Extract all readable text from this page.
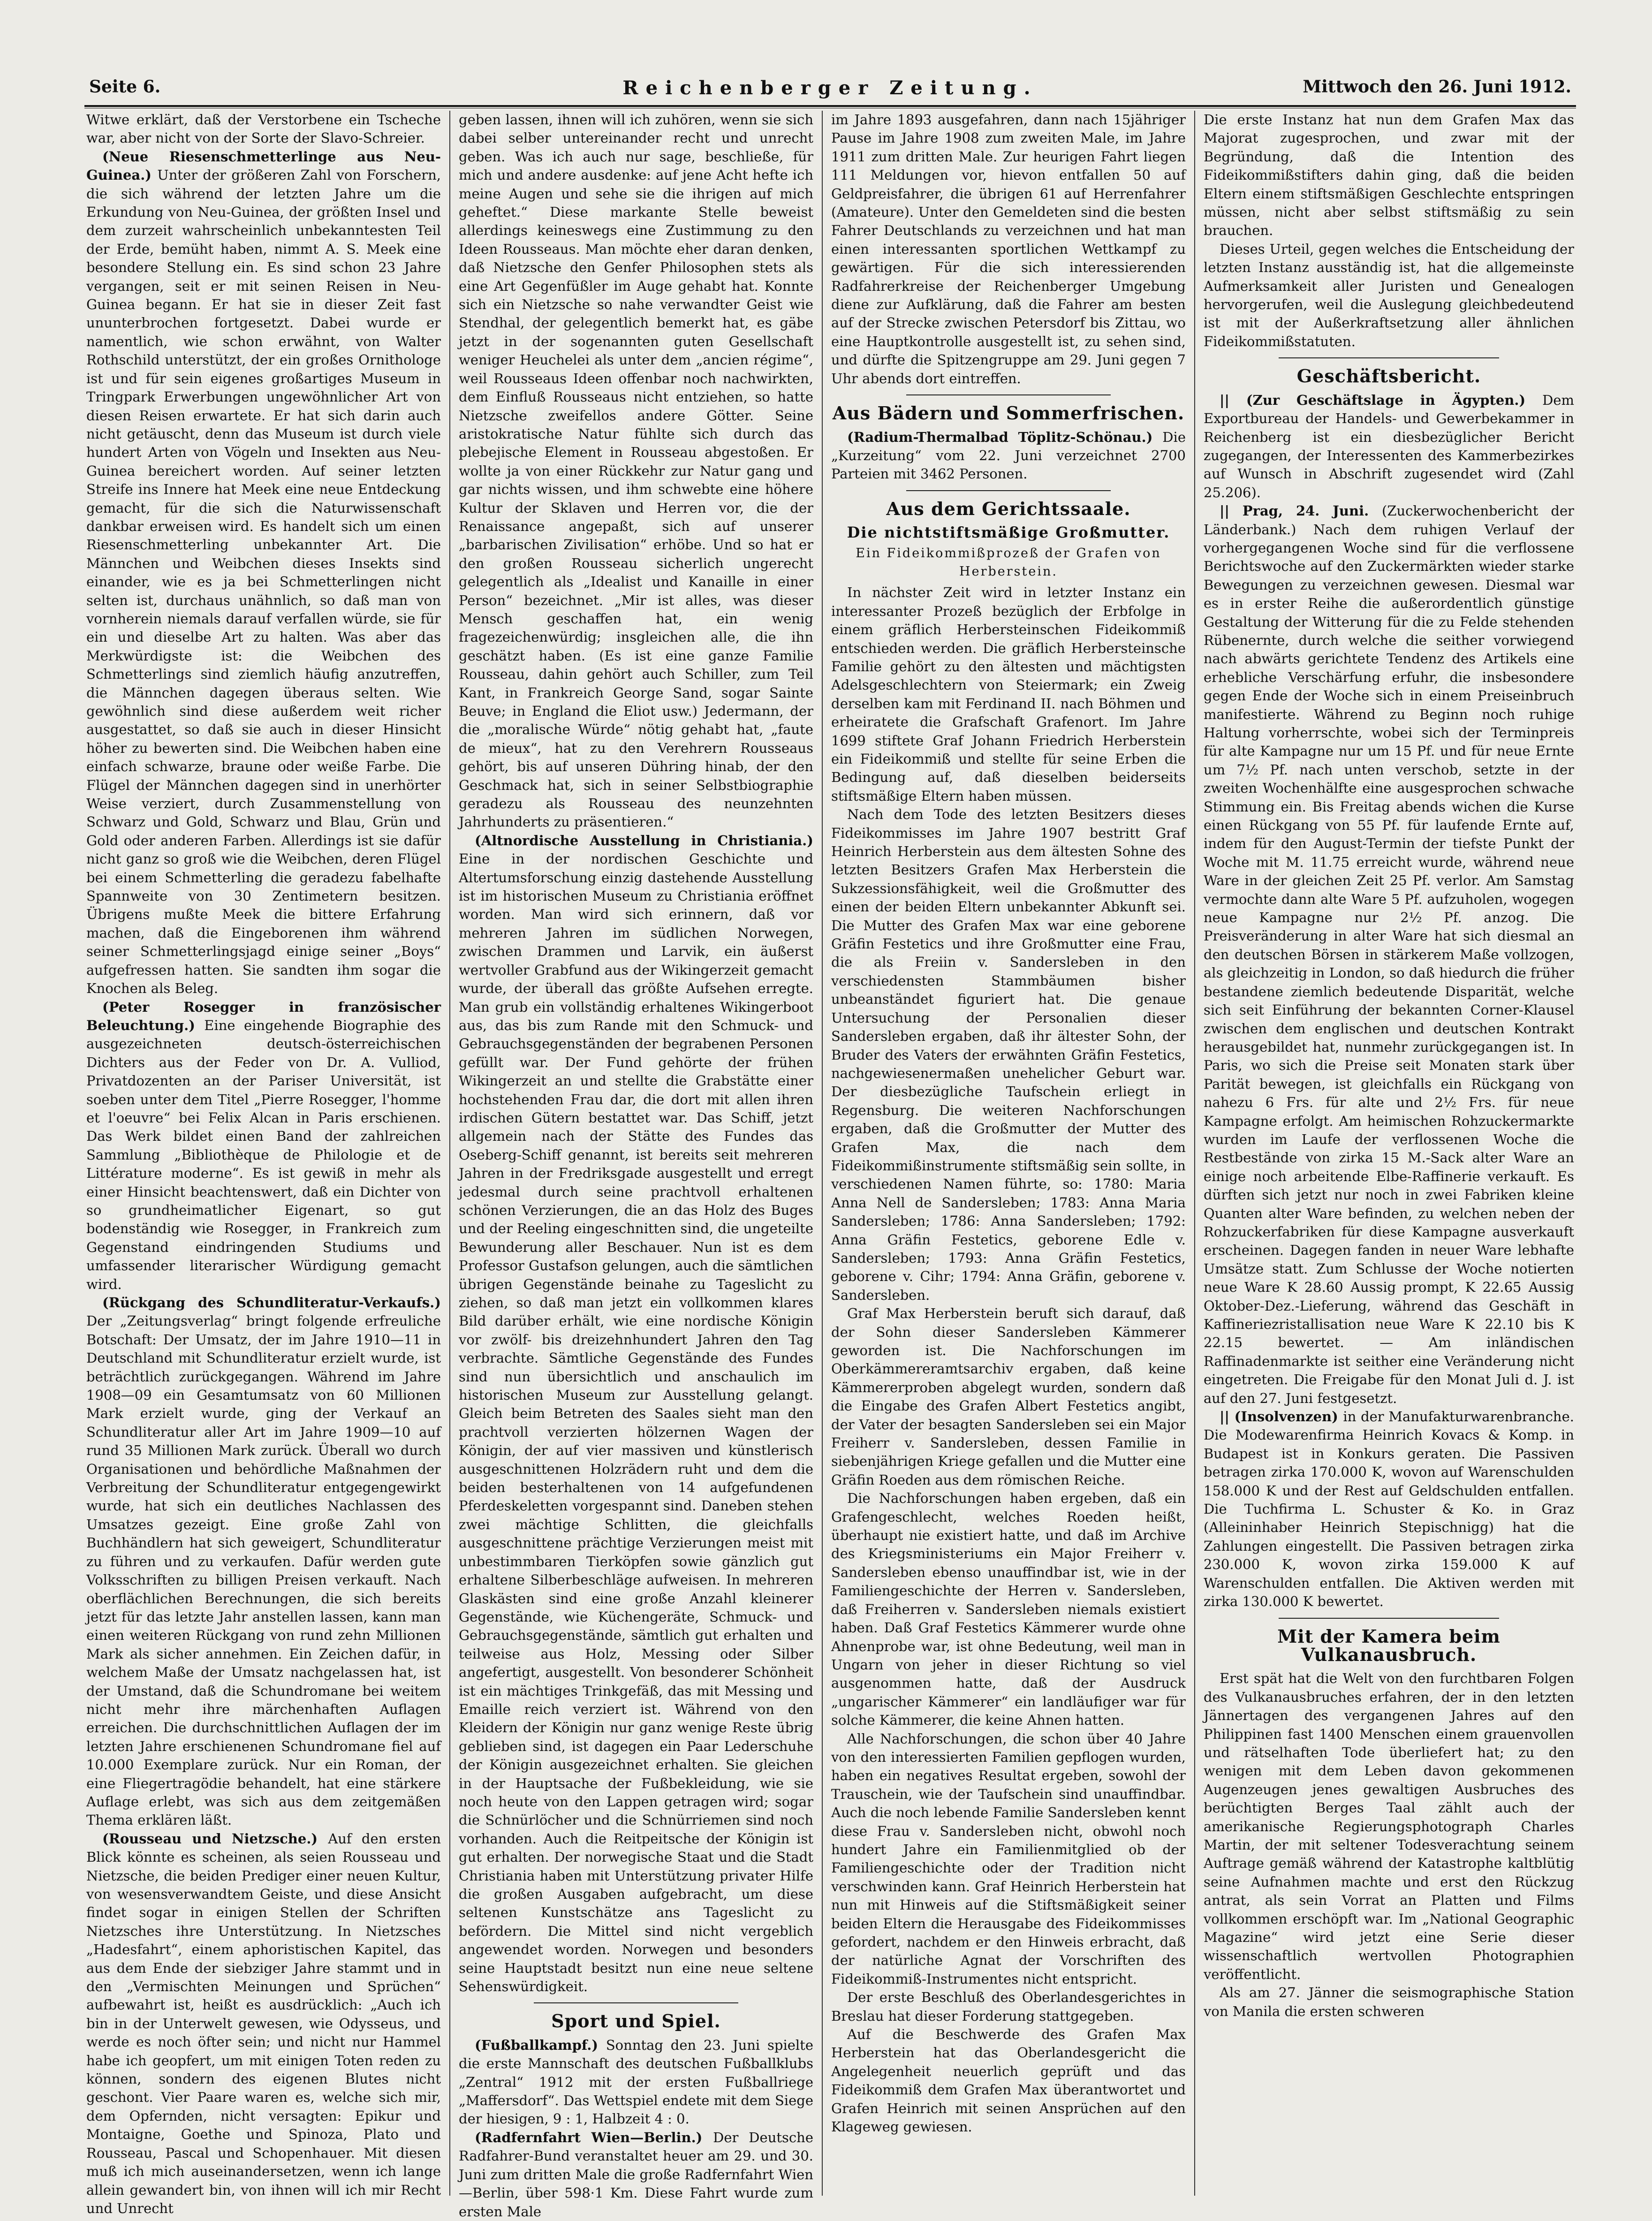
Seite 6.	Reichenberger Zeitung.	Mittwoch den 26. Juni 1912.

Witwe erklärt, daß der Verstorbene ein Tscheche war, aber nicht von der Sorte der Slavo-Schreier.

(Neue Riesenschmetterlinge aus Neu-Guinea.) Unter der größeren Zahl von Forschern, die sich während der letzten Jahre um die Erkundung von Neu-Guinea, der größten Insel und dem zurzeit wahrscheinlich unbekanntesten Teil der Erde, bemüht haben, nimmt A. S. Meek eine besondere Stellung ein. Es sind schon 23 Jahre vergangen, seit er mit seinen Reisen in Neu-Guinea begann. Er hat sie in dieser Zeit fast ununterbrochen fortgesetzt. Dabei wurde er namentlich, wie schon erwähnt, von Walter Rothschild unterstützt, der ein großes Ornithologe ist und für sein eigenes großartiges Museum in Tringpark Erwerbungen ungewöhnlicher Art von diesen Reisen erwartete. Er hat sich darin auch nicht getäuscht, denn das Museum ist durch viele hundert Arten von Vögeln und Insekten aus Neu-Guinea bereichert worden. Auf seiner letzten Streife ins Innere hat Meek eine neue Entdeckung gemacht, für die sich die Naturwissenschaft dankbar erweisen wird. Es handelt sich um einen Riesenschmetterling unbekannter Art. Die Männchen und Weibchen dieses Insekts sind einander, wie es ja bei Schmetterlingen nicht selten ist, durchaus unähnlich, so daß man von vornherein niemals darauf verfallen würde, sie für ein und dieselbe Art zu halten. Was aber das Merkwürdigste ist: die Weibchen des Schmetterlings sind ziemlich häufig anzutreffen, die Männchen dagegen überaus selten. Wie gewöhnlich sind diese außerdem weit richer ausgestattet, so daß sie auch in dieser Hinsicht höher zu bewerten sind. Die Weibchen haben eine einfach schwarze, braune oder weiße Farbe. Die Flügel der Männchen dagegen sind in unerhörter Weise verziert, durch Zusammenstellung von Schwarz und Gold, Schwarz und Blau, Grün und Gold oder anderen Farben. Allerdings ist sie dafür nicht ganz so groß wie die Weibchen, deren Flügel bei einem Schmetterling die geradezu fabelhafte Spannweite von 30 Zentimetern besitzen. Übrigens mußte Meek die bittere Erfahrung machen, daß die Eingeborenen ihm während seiner Schmetterlingsjagd einige seiner „Boys“ aufgefressen hatten. Sie sandten ihm sogar die Knochen als Beleg.

(Peter Rosegger in französischer Beleuchtung.) Eine eingehende Biographie des ausgezeichneten deutsch-österreichischen Dichters aus der Feder von Dr. A. Vulliod, Privatdozenten an der Pariser Universität, ist soeben unter dem Titel „Pierre Rosegger, l'homme et l'oeuvre“ bei Felix Alcan in Paris erschienen. Das Werk bildet einen Band der zahlreichen Sammlung „Bibliothèque de Philologie et de Littérature moderne“. Es ist gewiß in mehr als einer Hinsicht beachtenswert, daß ein Dichter von so grundheimatlicher Eigenart, so gut bodenständig wie Rosegger, in Frankreich zum Gegenstand eindringenden Studiums und umfassender literarischer Würdigung gemacht wird.

(Rückgang des Schundliteratur-Verkaufs.) Der „Zeitungsverlag“ bringt folgende erfreuliche Botschaft: Der Umsatz, der im Jahre 1910—11 in Deutschland mit Schundliteratur erzielt wurde, ist beträchtlich zurückgegangen. Während im Jahre 1908—09 ein Gesamtumsatz von 60 Millionen Mark erzielt wurde, ging der Verkauf an Schundliteratur aller Art im Jahre 1909—10 auf rund 35 Millionen Mark zurück. Überall wo durch Organisationen und behördliche Maßnahmen der Verbreitung der Schundliteratur entgegengewirkt wurde, hat sich ein deutliches Nachlassen des Umsatzes gezeigt. Eine große Zahl von Buchhändlern hat sich geweigert, Schundliteratur zu führen und zu verkaufen. Dafür werden gute Volksschriften zu billigen Preisen verkauft. Nach oberflächlichen Berechnungen, die sich bereits jetzt für das letzte Jahr anstellen lassen, kann man einen weiteren Rückgang von rund zehn Millionen Mark als sicher annehmen. Ein Zeichen dafür, in welchem Maße der Umsatz nachgelassen hat, ist der Umstand, daß die Schundromane bei weitem nicht mehr ihre märchenhaften Auflagen erreichen. Die durchschnittlichen Auflagen der im letzten Jahre erschienenen Schundromane fiel auf 10.000 Exemplare zurück. Nur ein Roman, der eine Fliegertragödie behandelt, hat eine stärkere Auflage erlebt, was sich aus dem zeitgemäßen Thema erklären läßt.

(Rousseau und Nietzsche.) Auf den ersten Blick könnte es scheinen, als seien Rousseau und Nietzsche, die beiden Prediger einer neuen Kultur, von wesensverwandtem Geiste, und diese Ansicht findet sogar in einigen Stellen der Schriften Nietzsches ihre Unterstützung. In Nietzsches „Hadesfahrt“, einem aphoristischen Kapitel, das aus dem Ende der siebziger Jahre stammt und in den „Vermischten Meinungen und Sprüchen“ aufbewahrt ist, heißt es ausdrücklich: „Auch ich bin in der Unterwelt gewesen, wie Odysseus, und werde es noch öfter sein; und nicht nur Hammel habe ich geopfert, um mit einigen Toten reden zu können, sondern des eigenen Blutes nicht geschont. Vier Paare waren es, welche sich mir, dem Opfernden, nicht versagten: Epikur und Montaigne, Goethe und Spinoza, Plato und Rousseau, Pascal und Schopenhauer. Mit diesen muß ich mich auseinandersetzen, wenn ich lange allein gewandert bin, von ihnen will ich mir Recht und Unrecht

geben lassen, ihnen will ich zuhören, wenn sie sich dabei selber untereinander recht und unrecht geben. Was ich auch nur sage, beschließe, für mich und andere ausdenke: auf jene Acht hefte ich meine Augen und sehe sie die ihrigen auf mich geheftet.“ Diese markante Stelle beweist allerdings keineswegs eine Zustimmung zu den Ideen Rousseaus. Man möchte eher daran denken, daß Nietzsche den Genfer Philosophen stets als eine Art Gegenfüßler im Auge gehabt hat. Konnte sich ein Nietzsche so nahe verwandter Geist wie Stendhal, der gelegentlich bemerkt hat, es gäbe jetzt in der sogenannten guten Gesellschaft weniger Heuchelei als unter dem „ancien régime“, weil Rousseaus Ideen offenbar noch nachwirkten, dem Einfluß Rousseaus nicht entziehen, so hatte Nietzsche zweifellos andere Götter. Seine aristokratische Natur fühlte sich durch das plebejische Element in Rousseau abgestoßen. Er wollte ja von einer Rückkehr zur Natur gang und gar nichts wissen, und ihm schwebte eine höhere Kultur der Sklaven und Herren vor, die der Renaissance angepaßt, sich auf unserer „barbarischen Zivilisation“ erhöbe. Und so hat er den großen Rousseau sicherlich ungerecht gelegentlich als „Idealist und Kanaille in einer Person“ bezeichnet. „Mir ist alles, was dieser Mensch geschaffen hat, ein wenig fragezeichenwürdig; insgleichen alle, die ihn geschätzt haben. (Es ist eine ganze Familie Rousseau, dahin gehört auch Schiller, zum Teil Kant, in Frankreich George Sand, sogar Sainte Beuve; in England die Eliot usw.) Jedermann, der die „moralische Würde“ nötig gehabt hat, „faute de mieux“, hat zu den Verehrern Rousseaus gehört, bis auf unseren Dühring hinab, der den Geschmack hat, sich in seiner Selbstbiographie geradezu als Rousseau des neunzehnten Jahrhunderts zu präsentieren.“

(Altnordische Ausstellung in Christiania.) Eine in der nordischen Geschichte und Altertumsforschung einzig dastehende Ausstellung ist im historischen Museum zu Christiania eröffnet worden. Man wird sich erinnern, daß vor mehreren Jahren im südlichen Norwegen, zwischen Drammen und Larvik, ein äußerst wertvoller Grabfund aus der Wikingerzeit gemacht wurde, der überall das größte Aufsehen erregte. Man grub ein vollständig erhaltenes Wikingerboot aus, das bis zum Rande mit den Schmuck- und Gebrauchsgegenständen der begrabenen Personen gefüllt war. Der Fund gehörte der frühen Wikingerzeit an und stellte die Grabstätte einer hochstehenden Frau dar, die dort mit allen ihren irdischen Gütern bestattet war. Das Schiff, jetzt allgemein nach der Stätte des Fundes das Oseberg-Schiff genannt, ist bereits seit mehreren Jahren in der Fredriksgade ausgestellt und erregt jedesmal durch seine prachtvoll erhaltenen schönen Verzierungen, die an das Holz des Buges und der Reeling eingeschnitten sind, die ungeteilte Bewunderung aller Beschauer. Nun ist es dem Professor Gustafson gelungen, auch die sämtlichen übrigen Gegenstände beinahe zu Tageslicht zu ziehen, so daß man jetzt ein vollkommen klares Bild darüber erhält, wie eine nordische Königin vor zwölf- bis dreizehnhundert Jahren den Tag verbrachte. Sämtliche Gegenstände des Fundes sind nun übersichtlich und anschaulich im historischen Museum zur Ausstellung gelangt. Gleich beim Betreten des Saales sieht man den prachtvoll verzierten hölzernen Wagen der Königin, der auf vier massiven und künstlerisch ausgeschnittenen Holzrädern ruht und dem die beiden besterhaltenen von 14 aufgefundenen Pferdeskeletten vorgespannt sind. Daneben stehen zwei mächtige Schlitten, die gleichfalls ausgeschnittene prächtige Verzierungen meist mit unbestimmbaren Tierköpfen sowie gänzlich gut erhaltene Silberbeschläge aufweisen. In mehreren Glaskästen sind eine große Anzahl kleinerer Gegenstände, wie Küchengeräte, Schmuck- und Gebrauchsgegenstände, sämtlich gut erhalten und teilweise aus Holz, Messing oder Silber angefertigt, ausgestellt. Von besonderer Schönheit ist ein mächtiges Trinkgefäß, das mit Messing und Emaille reich verziert ist. Während von den Kleidern der Königin nur ganz wenige Reste übrig geblieben sind, ist dagegen ein Paar Lederschuhe der Königin ausgezeichnet erhalten. Sie gleichen in der Hauptsache der Fußbekleidung, wie sie noch heute von den Lappen getragen wird; sogar die Schnürlöcher und die Schnürriemen sind noch vorhanden. Auch die Reitpeitsche der Königin ist gut erhalten. Der norwegische Staat und die Stadt Christiania haben mit Unterstützung privater Hilfe die großen Ausgaben aufgebracht, um diese seltenen Kunstschätze ans Tageslicht zu befördern. Die Mittel sind nicht vergeblich angewendet worden. Norwegen und besonders seine Hauptstadt besitzt nun eine neue seltene Sehenswürdigkeit.

Sport und Spiel.

(Fußballkampf.) Sonntag den 23. Juni spielte die erste Mannschaft des deutschen Fußballklubs „Zentral“ 1912 mit der ersten Fußballriege „Maffersdorf“. Das Wettspiel endete mit dem Siege der hiesigen, 9 : 1, Halbzeit 4 : 0.

(Radfernfahrt Wien—Berlin.) Der Deutsche Radfahrer-Bund veranstaltet heuer am 29. und 30. Juni zum dritten Male die große Radfernfahrt Wien—Berlin, über 598·1 Km. Diese Fahrt wurde zum ersten Male

im Jahre 1893 ausgefahren, dann nach 15jähriger Pause im Jahre 1908 zum zweiten Male, im Jahre 1911 zum dritten Male. Zur heurigen Fahrt liegen 111 Meldungen vor, hievon entfallen 50 auf Geldpreisfahrer, die übrigen 61 auf Herrenfahrer (Amateure). Unter den Gemeldeten sind die besten Fahrer Deutschlands zu verzeichnen und hat man einen interessanten sportlichen Wettkampf zu gewärtigen. Für die sich interessierenden Radfahrerkreise der Reichenberger Umgebung diene zur Aufklärung, daß die Fahrer am besten auf der Strecke zwischen Petersdorf bis Zittau, wo eine Hauptkontrolle ausgestellt ist, zu sehen sind, und dürfte die Spitzengruppe am 29. Juni gegen 7 Uhr abends dort eintreffen.

Aus Bädern und Sommerfrischen.

(Radium-Thermalbad Töplitz-Schönau.) Die „Kurzeitung“ vom 22. Juni verzeichnet 2700 Parteien mit 3462 Personen.

Aus dem Gerichtssaale.
Die nichtstiftsmäßige Großmutter.
Ein Fideikommißprozeß der Grafen von Herberstein.

In nächster Zeit wird in letzter Instanz ein interessanter Prozeß bezüglich der Erbfolge in einem gräflich Herbersteinschen Fideikommiß entschieden werden. Die gräflich Herbersteinsche Familie gehört zu den ältesten und mächtigsten Adelsgeschlechtern von Steiermark; ein Zweig derselben kam mit Ferdinand II. nach Böhmen und erheiratete die Grafschaft Grafenort. Im Jahre 1699 stiftete Graf Johann Friedrich Herberstein ein Fideikommiß und stellte für seine Erben die Bedingung auf, daß dieselben beiderseits stiftsmäßige Eltern haben müssen.

Nach dem Tode des letzten Besitzers dieses Fideikommisses im Jahre 1907 bestritt Graf Heinrich Herberstein aus dem ältesten Sohne des letzten Besitzers Grafen Max Herberstein die Sukzessionsfähigkeit, weil die Großmutter des einen der beiden Eltern unbekannter Abkunft sei. Die Mutter des Grafen Max war eine geborene Gräfin Festetics und ihre Großmutter eine Frau, die als Freiin v. Sandersleben in den verschiedensten Stammbäumen bisher unbeanständet figuriert hat. Die genaue Untersuchung der Personalien dieser Sandersleben ergaben, daß ihr ältester Sohn, der Bruder des Vaters der erwähnten Gräfin Festetics, nachgewiesenermaßen unehelicher Geburt war. Der diesbezügliche Taufschein erliegt in Regensburg. Die weiteren Nachforschungen ergaben, daß die Großmutter der Mutter des Grafen Max, die nach dem Fideikommißinstrumente stiftsmäßig sein sollte, in verschiedenen Namen führte, so: 1780: Maria Anna Nell de Sandersleben; 1783: Anna Maria Sandersleben; 1786: Anna Sandersleben; 1792: Anna Gräfin Festetics, geborene Edle v. Sandersleben; 1793: Anna Gräfin Festetics, geborene v. Cihr; 1794: Anna Gräfin, geborene v. Sandersleben.

Graf Max Herberstein beruft sich darauf, daß der Sohn dieser Sandersleben Kämmerer geworden ist. Die Nachforschungen im Oberkämmereramtsarchiv ergaben, daß keine Kämmererproben abgelegt wurden, sondern daß die Eingabe des Grafen Albert Festetics angibt, der Vater der besagten Sandersleben sei ein Major Freiherr v. Sandersleben, dessen Familie in siebenjährigen Kriege gefallen und die Mutter eine Gräfin Roeden aus dem römischen Reiche.

Die Nachforschungen haben ergeben, daß ein Grafengeschlecht, welches Roeden heißt, überhaupt nie existiert hatte, und daß im Archive des Kriegsministeriums ein Major Freiherr v. Sandersleben ebenso unauffindbar ist, wie in der Familiengeschichte der Herren v. Sandersleben, daß Freiherren v. Sandersleben niemals existiert haben. Daß Graf Festetics Kämmerer wurde ohne Ahnenprobe war, ist ohne Bedeutung, weil man in Ungarn von jeher in dieser Richtung so viel ausgenommen hatte, daß der Ausdruck „ungarischer Kämmerer“ ein landläufiger war für solche Kämmerer, die keine Ahnen hatten.

Alle Nachforschungen, die schon über 40 Jahre von den interessierten Familien gepflogen wurden, haben ein negatives Resultat ergeben, sowohl der Trauschein, wie der Taufschein sind unauffindbar. Auch die noch lebende Familie Sandersleben kennt diese Frau v. Sandersleben nicht, obwohl noch hundert Jahre ein Familienmitglied ob der Familiengeschichte oder der Tradition nicht verschwinden kann. Graf Heinrich Herberstein hat nun mit Hinweis auf die Stiftsmäßigkeit seiner beiden Eltern die Herausgabe des Fideikommisses gefordert, nachdem er den Hinweis erbracht, daß der natürliche Agnat der Vorschriften des Fideikommiß-Instrumentes nicht entspricht.

Der erste Beschluß des Oberlandesgerichtes in Breslau hat dieser Forderung stattgegeben.

Auf die Beschwerde des Grafen Max Herberstein hat das Oberlandesgericht die Angelegenheit neuerlich geprüft und das Fideikommiß dem Grafen Max überantwortet und Grafen Heinrich mit seinen Ansprüchen auf den Klageweg gewiesen.

Die erste Instanz hat nun dem Grafen Max das Majorat zugesprochen, und zwar mit der Begründung, daß die Intention des Fideikommißstifters dahin ging, daß die beiden Eltern einem stiftsmäßigen Geschlechte entspringen müssen, nicht aber selbst stiftsmäßig zu sein brauchen.

Dieses Urteil, gegen welches die Entscheidung der letzten Instanz ausständig ist, hat die allgemeinste Aufmerksamkeit aller Juristen und Genealogen hervorgerufen, weil die Auslegung gleichbedeutend ist mit der Außerkraftsetzung aller ähnlichen Fideikommißstatuten.

Geschäftsbericht.

|| (Zur Geschäftslage in Ägypten.) Dem Exportbureau der Handels- und Gewerbekammer in Reichenberg ist ein diesbezüglicher Bericht zugegangen, der Interessenten des Kammerbezirkes auf Wunsch in Abschrift zugesendet wird (Zahl 25.206).

|| Prag, 24. Juni. (Zuckerwochenbericht der Länderbank.) Nach dem ruhigen Verlauf der vorhergegangenen Woche sind für die verflossene Berichtswoche auf den Zuckermärkten wieder starke Bewegungen zu verzeichnen gewesen. Diesmal war es in erster Reihe die außerordentlich günstige Gestaltung der Witterung für die zu Felde stehenden Rübenernte, durch welche die seither vorwiegend nach abwärts gerichtete Tendenz des Artikels eine erhebliche Verschärfung erfuhr, die insbesondere gegen Ende der Woche sich in einem Preiseinbruch manifestierte. Während zu Beginn noch ruhige Haltung vorherrschte, wobei sich der Terminpreis für alte Kampagne nur um 15 Pf. und für neue Ernte um 7½ Pf. nach unten verschob, setzte in der zweiten Wochenhälfte eine ausgesprochen schwache Stimmung ein. Bis Freitag abends wichen die Kurse einen Rückgang von 55 Pf. für laufende Ernte auf, indem für den August-Termin der tiefste Punkt der Woche mit M. 11.75 erreicht wurde, während neue Ware in der gleichen Zeit 25 Pf. verlor. Am Samstag vermochte dann alte Ware 5 Pf. aufzuholen, wogegen neue Kampagne nur 2½ Pf. anzog. Die Preisveränderung in alter Ware hat sich diesmal an den deutschen Börsen in stärkerem Maße vollzogen, als gleichzeitig in London, so daß hiedurch die früher bestandene ziemlich bedeutende Disparität, welche sich seit Einführung der bekannten Corner-Klausel zwischen dem englischen und deutschen Kontrakt herausgebildet hat, nunmehr zurückgegangen ist. In Paris, wo sich die Preise seit Monaten stark über Parität bewegen, ist gleichfalls ein Rückgang von nahezu 6 Frs. für alte und 2½ Frs. für neue Kampagne erfolgt. Am heimischen Rohzuckermarkte wurden im Laufe der verflossenen Woche die Restbestände von zirka 15 M.-Sack alter Ware an einige noch arbeitende Elbe-Raffinerie verkauft. Es dürften sich jetzt nur noch in zwei Fabriken kleine Quanten alter Ware befinden, zu welchen neben der Rohzuckerfabriken für diese Kampagne ausverkauft erscheinen. Dagegen fanden in neuer Ware lebhafte Umsätze statt. Zum Schlusse der Woche notierten neue Ware K 28.60 Aussig prompt, K 22.65 Aussig Oktober-Dez.-Lieferung, während das Geschäft in Kaffineriezristallisation neue Ware K 22.10 bis K 22.15 bewertet. — Am inländischen Raffinadenmarkte ist seither eine Veränderung nicht eingetreten. Die Freigabe für den Monat Juli d. J. ist auf den 27. Juni festgesetzt.

|| (Insolvenzen) in der Manufakturwarenbranche. Die Modewarenfirma Heinrich Kovacs & Komp. in Budapest ist in Konkurs geraten. Die Passiven betragen zirka 170.000 K, wovon auf Warenschulden 158.000 K und der Rest auf Geldschulden entfallen. Die Tuchfirma L. Schuster & Ko. in Graz (Alleininhaber Heinrich Stepischnigg) hat die Zahlungen eingestellt. Die Passiven betragen zirka 230.000 K, wovon zirka 159.000 K auf Warenschulden entfallen. Die Aktiven werden mit zirka 130.000 K bewertet.

Mit der Kamera beim Vulkanausbruch.

Erst spät hat die Welt von den furchtbaren Folgen des Vulkanausbruches erfahren, der in den letzten Jännertagen des vergangenen Jahres auf den Philippinen fast 1400 Menschen einem grauenvollen und rätselhaften Tode überliefert hat; zu den wenigen mit dem Leben davon gekommenen Augenzeugen jenes gewaltigen Ausbruches des berüchtigten Berges Taal zählt auch der amerikanische Regierungsphotograph Charles Martin, der mit seltener Todesverachtung seinem Auftrage gemäß während der Katastrophe kaltblütig seine Aufnahmen machte und erst den Rückzug antrat, als sein Vorrat an Platten und Films vollkommen erschöpft war. Im „National Geographic Magazine“ wird jetzt eine Serie dieser wissenschaftlich wertvollen Photographien veröffentlicht.

Als am 27. Jänner die seismographische Station von Manila die ersten schweren
